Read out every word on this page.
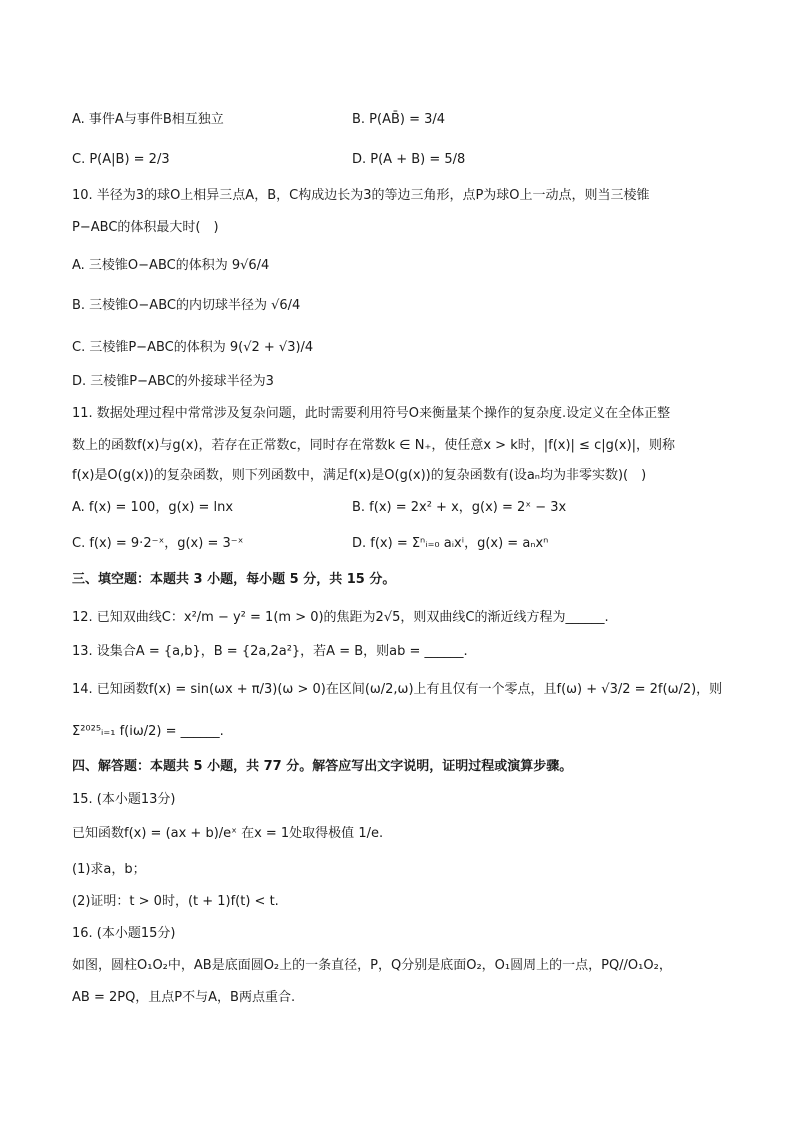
A. 事件A与事件B相互独立	B. P(AB̄) = 3/4
C. P(A|B) = 2/3	D. P(A + B) = 5/8
10. 半径为3的球O上相异三点A，B，C构成边长为3的等边三角形，点P为球O上一动点，则当三棱锥
P−ABC的体积最大时(　)
A. 三棱锥O−ABC的体积为 9√6/4
B. 三棱锥O−ABC的内切球半径为 √6/4
C. 三棱锥P−ABC的体积为 9(√2 + √3)/4
D. 三棱锥P−ABC的外接球半径为3
11. 数据处理过程中常常涉及复杂问题，此时需要利用符号O来衡量某个操作的复杂度.设定义在全体正整
数上的函数f(x)与g(x)，若存在正常数c，同时存在常数k ∈ N₊，使任意x > k时，|f(x)| ≤ c|g(x)|，则称
f(x)是O(g(x))的复杂函数，则下列函数中，满足f(x)是O(g(x))的复杂函数有(设aₙ均为非零实数)(　)
A. f(x) = 100，g(x) = lnx	B. f(x) = 2x² + x，g(x) = 2ˣ − 3x
C. f(x) = 9·2⁻ˣ，g(x) = 3⁻ˣ	D. f(x) = Σⁿᵢ₌₀ aᵢxⁱ，g(x) = aₙxⁿ
三、填空题：本题共 3 小题，每小题 5 分，共 15 分。
12. 已知双曲线C：x²/m − y² = 1(m > 0)的焦距为2√5，则双曲线C的渐近线方程为______.
13. 设集合A = {a,b}，B = {2a,2a²}，若A = B，则ab = ______.
14. 已知函数f(x) = sin(ωx + π/3)(ω > 0)在区间(ω/2,ω)上有且仅有一个零点，且f(ω) + √3/2 = 2f(ω/2)，则
Σ²⁰²⁵ᵢ₌₁ f(iω/2) = ______.
四、解答题：本题共 5 小题，共 77 分。解答应写出文字说明，证明过程或演算步骤。
15. (本小题13分)
已知函数f(x) = (ax + b)/eˣ 在x = 1处取得极值 1/e.
(1)求a，b；
(2)证明：t > 0时，(t + 1)f(t) < t.
16. (本小题15分)
如图，圆柱O₁O₂中，AB是底面圆O₂上的一条直径，P，Q分别是底面O₂，O₁圆周上的一点，PQ//O₁O₂，
AB = 2PQ，且点P不与A，B两点重合.
